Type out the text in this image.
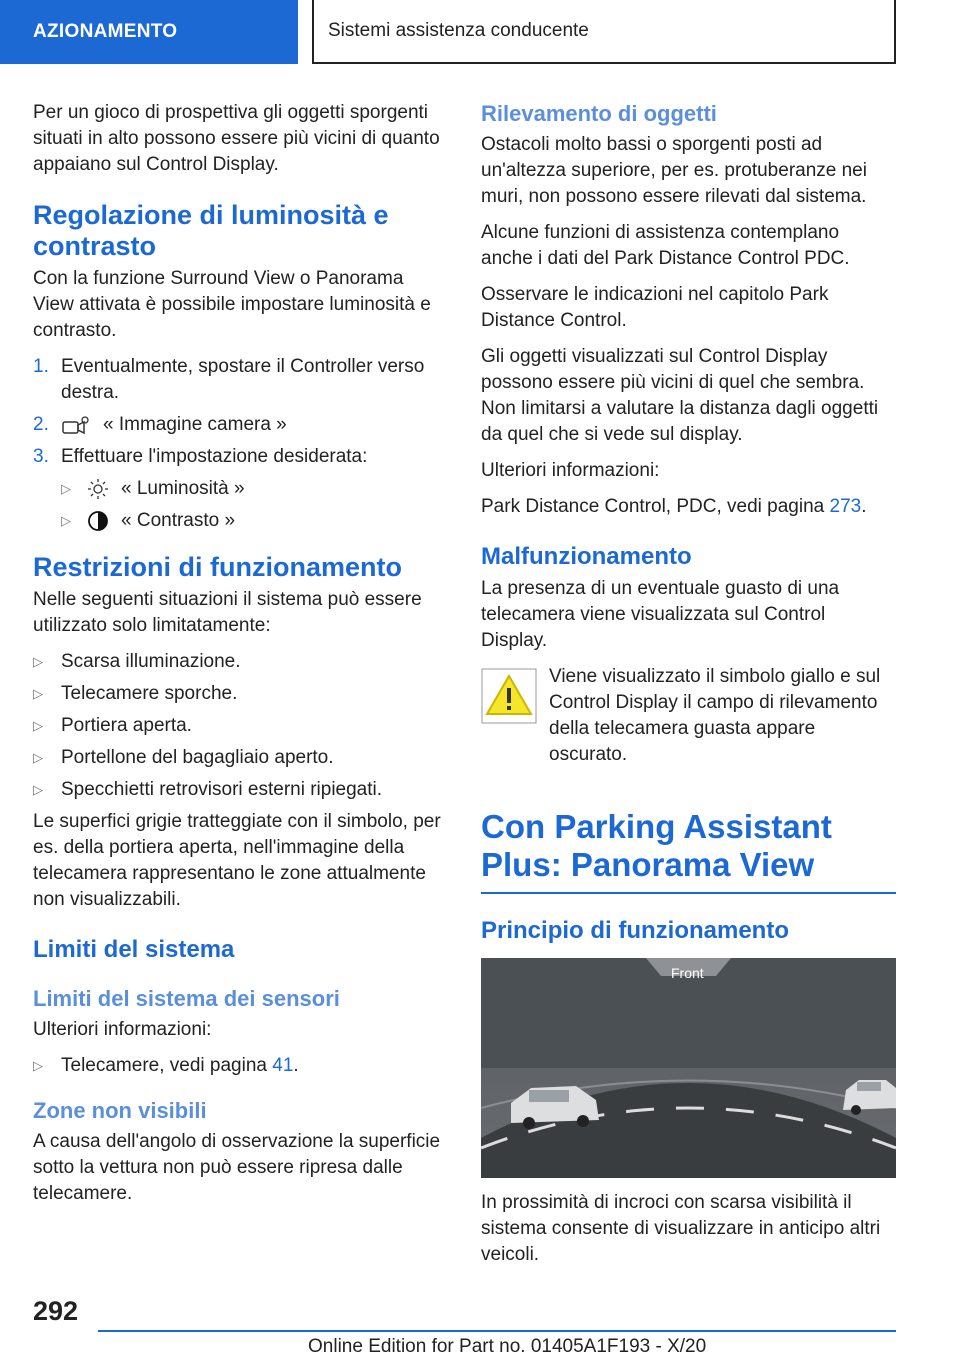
AZIONAMENTO	Sistemi assistenza conducente

Per un gioco di prospettiva gli oggetti sporgenti situati in alto possono essere più vicini di quanto appaiano sul Control Display.

Regolazione di luminosità e contrasto

Con la funzione Surround View o Panorama View attivata è possibile impostare luminosità e contrasto.

1. Eventualmente, spostare il Controller verso destra.
2.	« Immagine camera »
3. Effettuare l'impostazione desiderata:
▷	« Luminosità »
▷	« Contrasto »
Restrizioni di funzionamento

Nelle seguenti situazioni il sistema può essere utilizzato solo limitatamente:

▷ Scarsa illuminazione.
▷ Telecamere sporche.
▷ Portiera aperta.
▷ Portellone del bagagliaio aperto.
▷ Specchietti retrovisori esterni ripiegati.

Le superfici grigie tratteggiate con il simbolo, per es. della portiera aperta, nell'immagine della telecamera rappresentano le zone attualmente non visualizzabili.

Limiti del sistema
Limiti del sistema dei sensori

Ulteriori informazioni:

▷ Telecamere, vedi pagina 41.
Zone non visibili

A causa dell'angolo di osservazione la superficie sotto la vettura non può essere ripresa dalle telecamere.

Rilevamento di oggetti

Ostacoli molto bassi o sporgenti posti ad un'altezza superiore, per es. protuberanze nei muri, non possono essere rilevati dal sistema.

Alcune funzioni di assistenza contemplano anche i dati del Park Distance Control PDC.

Osservare le indicazioni nel capitolo Park Distance Control.

Gli oggetti visualizzati sul Control Display possono essere più vicini di quel che sembra. Non limitarsi a valutare la distanza dagli oggetti da quel che si vede sul display.

Ulteriori informazioni:

Park Distance Control, PDC, vedi pagina 273.

Malfunzionamento

La presenza di un eventuale guasto di una telecamera viene visualizzata sul Control Display.

Viene visualizzato il simbolo giallo e sul Control Display il campo di rilevamento della telecamera guasta appare oscurato.
Con Parking Assistant Plus: Panorama View
Principio di funzionamento
Front

In prossimità di incroci con scarsa visibilità il sistema consente di visualizzare in anticipo altri veicoli.

292
Online Edition for Part no. 01405A1F193 - X/20
